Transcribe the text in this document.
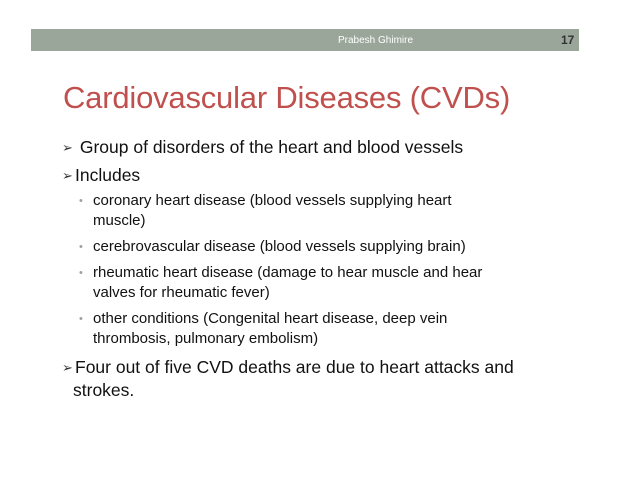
Prabesh Ghimire	17
Cardiovascular Diseases (CVDs)
➢ Group of disorders of the heart and blood vessels
➢ Includes
• coronary heart disease (blood vessels supplying heart
muscle)
• cerebrovascular disease (blood vessels supplying brain)
• rheumatic heart disease (damage to hear muscle and hear
valves for rheumatic fever)
• other conditions (Congenital heart disease, deep vein
thrombosis, pulmonary embolism)
➢ Four out of five CVD deaths are due to heart attacks and
strokes.
